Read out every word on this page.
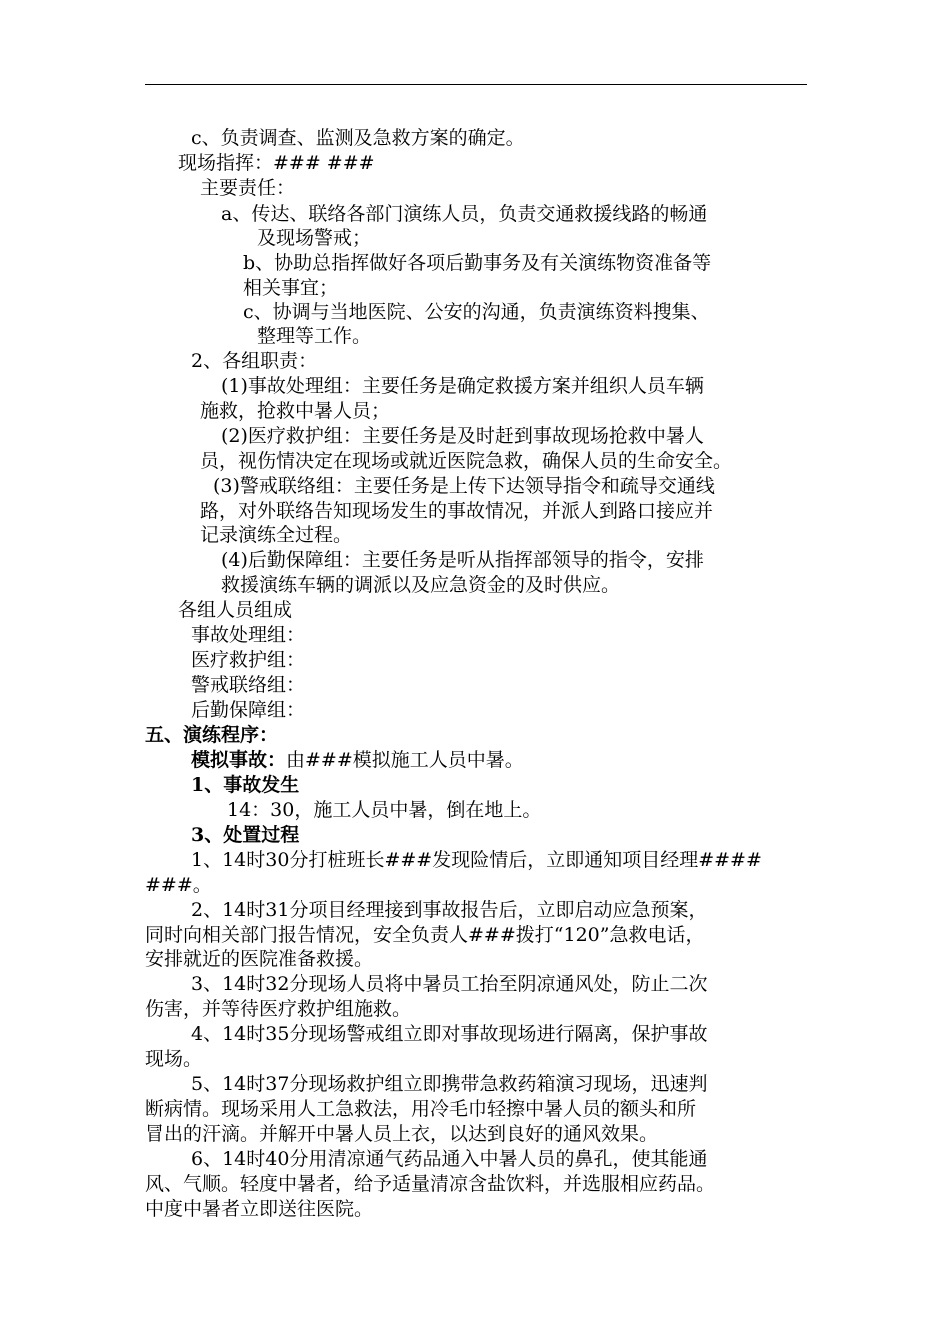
c、负责调查、监测及急救方案的确定。
现场指挥：### ###
主要责任：
a、传达、联络各部门演练人员，负责交通救援线路的畅通
及现场警戒；
b、协助总指挥做好各项后勤事务及有关演练物资准备等
相关事宜；
c、协调与当地医院、公安的沟通，负责演练资料搜集、
整理等工作。
2、各组职责：
(1)事故处理组：主要任务是确定救援方案并组织人员车辆
施救，抢救中暑人员；
(2)医疗救护组：主要任务是及时赶到事故现场抢救中暑人
员，视伤情决定在现场或就近医院急救，确保人员的生命安全。
(3)警戒联络组：主要任务是上传下达领导指令和疏导交通线
路，对外联络告知现场发生的事故情况，并派人到路口接应并
记录演练全过程。
(4)后勤保障组：主要任务是听从指挥部领导的指令，安排
救援演练车辆的调派以及应急资金的及时供应。
各组人员组成
事故处理组：
医疗救护组：
警戒联络组：
后勤保障组：
五、演练程序：
模拟事故：由###模拟施工人员中暑。
1、事故发生
14：30，施工人员中暑，倒在地上。
3、处置过程
1、14时30分打桩班长###发现险情后，立即通知项目经理####
###。
2、14时31分项目经理接到事故报告后，立即启动应急预案，
同时向相关部门报告情况，安全负责人###拨打“120”急救电话，
安排就近的医院准备救援。
3、14时32分现场人员将中暑员工抬至阴凉通风处，防止二次
伤害，并等待医疗救护组施救。
4、14时35分现场警戒组立即对事故现场进行隔离，保护事故
现场。
5、14时37分现场救护组立即携带急救药箱演习现场，迅速判
断病情。现场采用人工急救法，用冷毛巾轻擦中暑人员的额头和所
冒出的汗滴。并解开中暑人员上衣，以达到良好的通风效果。
6、14时40分用清凉通气药品通入中暑人员的鼻孔，使其能通
风、气顺。轻度中暑者，给予适量清凉含盐饮料，并选服相应药品。
中度中暑者立即送往医院。
